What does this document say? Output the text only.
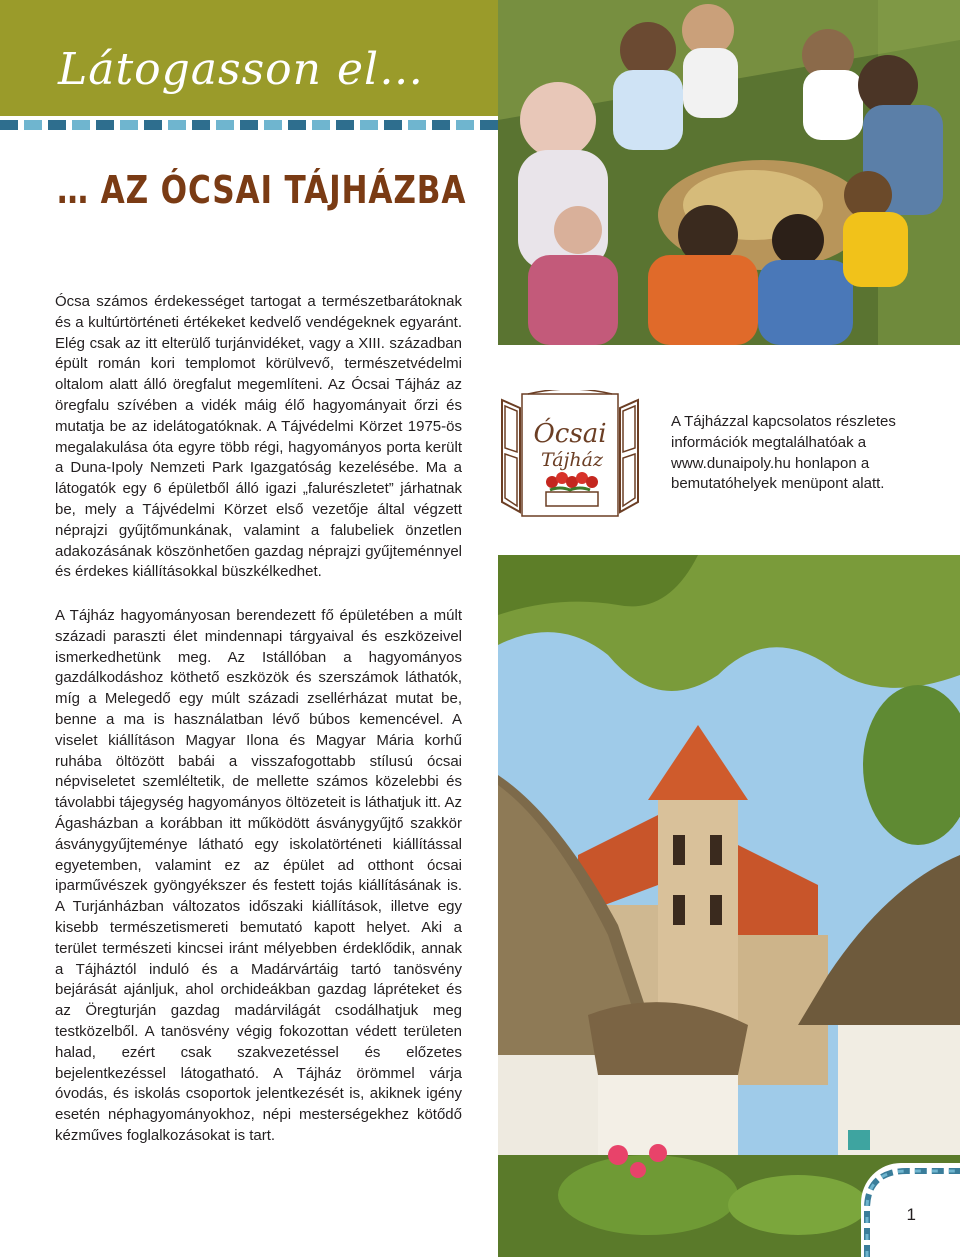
Látogasson el…
… AZ ÓCSAI TÁJHÁZBA
Ócsa számos érdekességet tartogat a természetbarátoknak és a kultúrtörténeti értékeket kedvelő vendégeknek egyaránt. Elég csak az itt elterülő turjánvidéket, vagy a XIII. században épült román kori templomot körülvevő, természetvédelmi oltalom alatt álló öregfalut megemlíteni. Az Ócsai Tájház az öregfalu szívében a vidék máig élő hagyományait őrzi és mutatja be az idelátogatóknak. A Tájvédelmi Körzet 1975-ös megalakulása óta egyre több régi, hagyományos porta került a Duna-Ipoly Nemzeti Park Igazgatóság kezelésébe. Ma a látogatók egy 6 épületből álló igazi „falurészletet” járhatnak be, mely a Tájvédelmi Körzet első vezetője által végzett néprajzi gyűjtőmunkának, valamint a falubeliek önzetlen adakozásának köszönhetően gazdag néprajzi gyűjteménnyel és érdekes kiállításokkal büszkélkedhet.
A Tájház hagyományosan berendezett fő épületében a múlt századi paraszti élet mindennapi tárgyaival és eszközeivel ismerkedhetünk meg. Az Istállóban a hagyományos gazdálkodáshoz köthető eszközök és szerszámok láthatók, míg a Melegedő egy múlt századi zsellérházat mutat be, benne a ma is használatban lévő búbos kemencével. A viselet kiállításon Magyar Ilona és Magyar Mária korhű ruhába öltözött babái a visszafogottabb stílusú ócsai népviseletet szemléltetik, de mellette számos közelebbi és távolabbi tájegység hagyományos öltözeteit is láthatjuk itt. Az Ágasházban a korábban itt működött ásványgyűjtő szakkör ásványgyűjteménye látható egy iskolatörténeti kiállítással egyetemben, valamint ez az épület ad otthont ócsai iparművészek gyöngyékszer és festett tojás kiállításának is. A Turjánházban változatos időszaki kiállítások, illetve egy kisebb természetismereti bemutató kapott helyet. Aki a terület természeti kincsei iránt mélyebben érdeklődik, annak a Tájháztól induló és a Madárvártáig tartó tanösvény bejárását ajánljuk, ahol orchideákban gazdag lápréteket és az Öregturján gazdag madárvilágát csodálhatjuk meg testközelből. A tanösvény végig fokozottan védett területen halad, ezért csak szakvezetéssel és előzetes bejelentkezéssel látogatható. A Tájház örömmel várja óvodás, és iskolás csoportok jelentkezését is, akiknek igény esetén néphagyományokhoz, népi mesterségekhez kötődő kézműves foglalkozásokat is tart.
Ócsai
Tájház
A Tájházzal kapcsolatos részletes információk megtalálhatóak a www.dunaipoly.hu honlapon a bemutatóhelyek menüpont alatt.
1
